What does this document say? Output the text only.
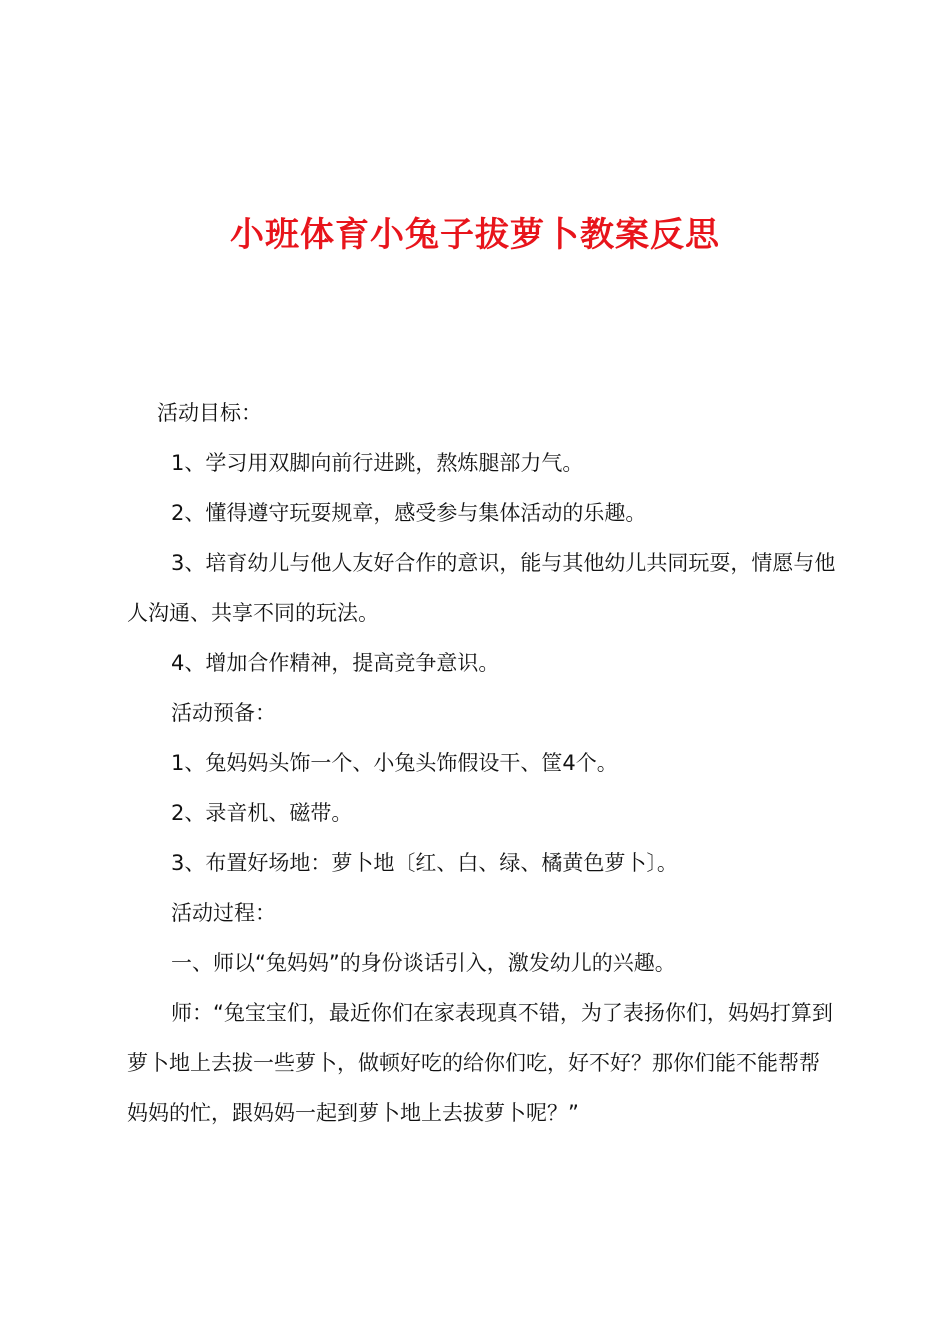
小班体育小兔子拔萝卜教案反思

活动目标：

1、学习用双脚向前行进跳，熬炼腿部力气。

2、懂得遵守玩耍规章，感受参与集体活动的乐趣。

3、培育幼儿与他人友好合作的意识，能与其他幼儿共同玩耍，情愿与他人沟通、共享不同的玩法。

4、增加合作精神，提高竞争意识。

活动预备：

1、兔妈妈头饰一个、小兔头饰假设干、筐4个。

2、录音机、磁带。

3、布置好场地：萝卜地〔红、白、绿、橘黄色萝卜〕。

活动过程：

一、师以“兔妈妈”的身份谈话引入，激发幼儿的兴趣。

师：“兔宝宝们，最近你们在家表现真不错，为了表扬你们，妈妈打算到萝卜地上去拔一些萝卜，做顿好吃的给你们吃，好不好？那你们能不能帮帮妈妈的忙，跟妈妈一起到萝卜地上去拔萝卜呢？”
